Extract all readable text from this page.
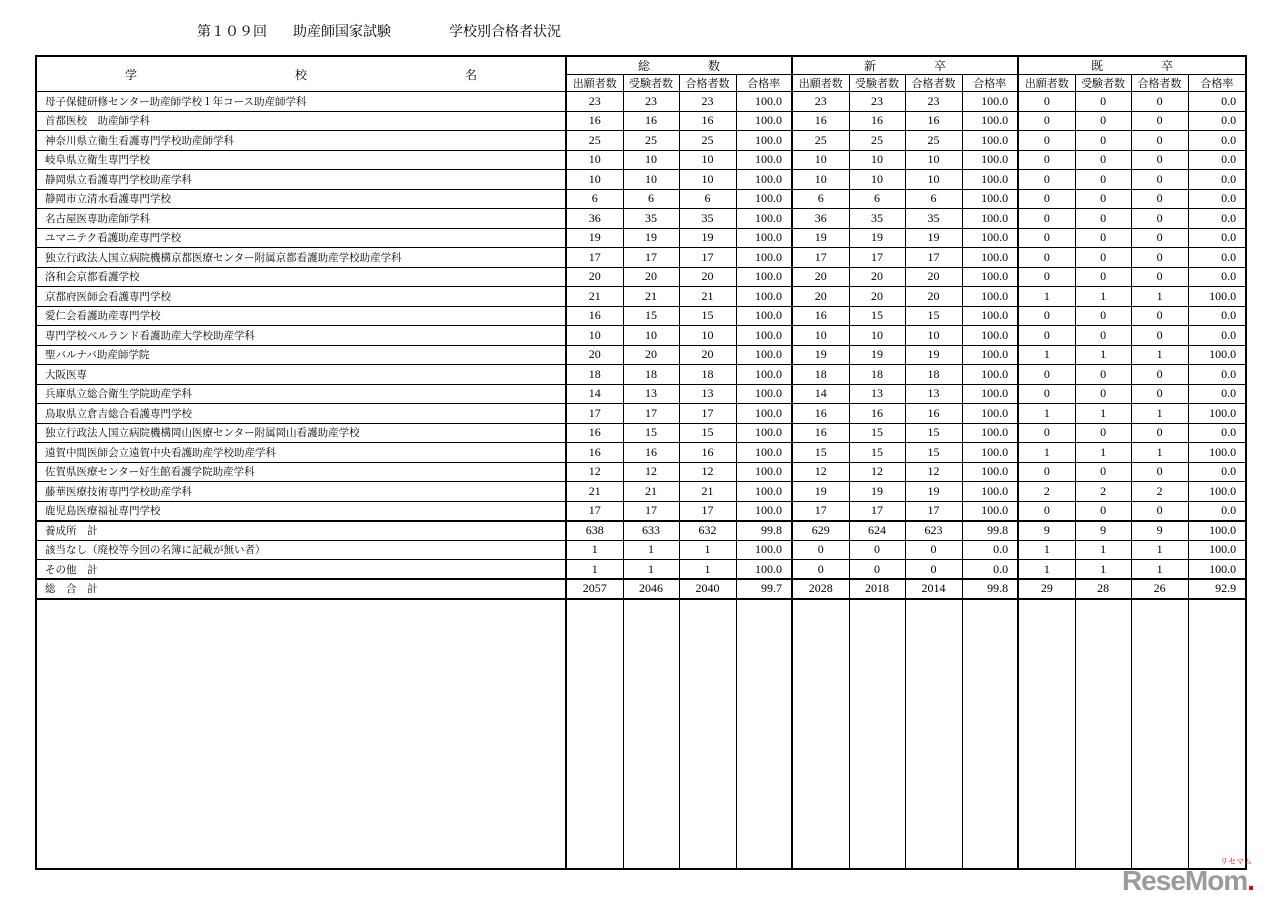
第１０９回 助産師国家試験	学校別合格者状況
学 校 名	総 数				新 卒				既 卒			

	出願者数	受験者数	合格者数	合格率	出願者数	受験者数	合格者数	合格率	出願者数	受験者数	合格者数	合格率
母子保健研修センター助産師学校１年コース助産師学科	23	23	23	100.0	23	23	23	100.0	0	0	0	0.0
首都医校　助産師学科	16	16	16	100.0	16	16	16	100.0	0	0	0	0.0
神奈川県立衛生看護専門学校助産師学科	25	25	25	100.0	25	25	25	100.0	0	0	0	0.0
岐阜県立衛生専門学校	10	10	10	100.0	10	10	10	100.0	0	0	0	0.0
静岡県立看護専門学校助産学科	10	10	10	100.0	10	10	10	100.0	0	0	0	0.0
静岡市立清水看護専門学校	6	6	6	100.0	6	6	6	100.0	0	0	0	0.0
名古屋医専助産師学科	36	35	35	100.0	36	35	35	100.0	0	0	0	0.0
ユマニテク看護助産専門学校	19	19	19	100.0	19	19	19	100.0	0	0	0	0.0
独立行政法人国立病院機構京都医療センター附属京都看護助産学校助産学科	17	17	17	100.0	17	17	17	100.0	0	0	0	0.0
洛和会京都看護学校	20	20	20	100.0	20	20	20	100.0	0	0	0	0.0
京都府医師会看護専門学校	21	21	21	100.0	20	20	20	100.0	1	1	1	100.0
愛仁会看護助産専門学校	16	15	15	100.0	16	15	15	100.0	0	0	0	0.0
専門学校ベルランド看護助産大学校助産学科	10	10	10	100.0	10	10	10	100.0	0	0	0	0.0
聖バルナバ助産師学院	20	20	20	100.0	19	19	19	100.0	1	1	1	100.0
大阪医専	18	18	18	100.0	18	18	18	100.0	0	0	0	0.0
兵庫県立総合衛生学院助産学科	14	13	13	100.0	14	13	13	100.0	0	0	0	0.0
鳥取県立倉吉総合看護専門学校	17	17	17	100.0	16	16	16	100.0	1	1	1	100.0
独立行政法人国立病院機構岡山医療センター附属岡山看護助産学校	16	15	15	100.0	16	15	15	100.0	0	0	0	0.0
遠賀中間医師会立遠賀中央看護助産学校助産学科	16	16	16	100.0	15	15	15	100.0	1	1	1	100.0
佐賀県医療センター好生館看護学院助産学科	12	12	12	100.0	12	12	12	100.0	0	0	0	0.0
藤華医療技術専門学校助産学科	21	21	21	100.0	19	19	19	100.0	2	2	2	100.0
鹿児島医療福祉専門学校	17	17	17	100.0	17	17	17	100.0	0	0	0	0.0
養成所　計	638	633	632	99.8	629	624	623	99.8	9	9	9	100.0
該当なし（廃校等今回の名簿に記載が無い者）	1	1	1	100.0	0	0	0	0.0	1	1	1	100.0
その他　計	1	1	1	100.0	0	0	0	0.0	1	1	1	100.0
総　合　計	2057	2046	2040	99.7	2028	2018	2014	99.8	29	28	26	92.9

リセマム
ReseMom.
